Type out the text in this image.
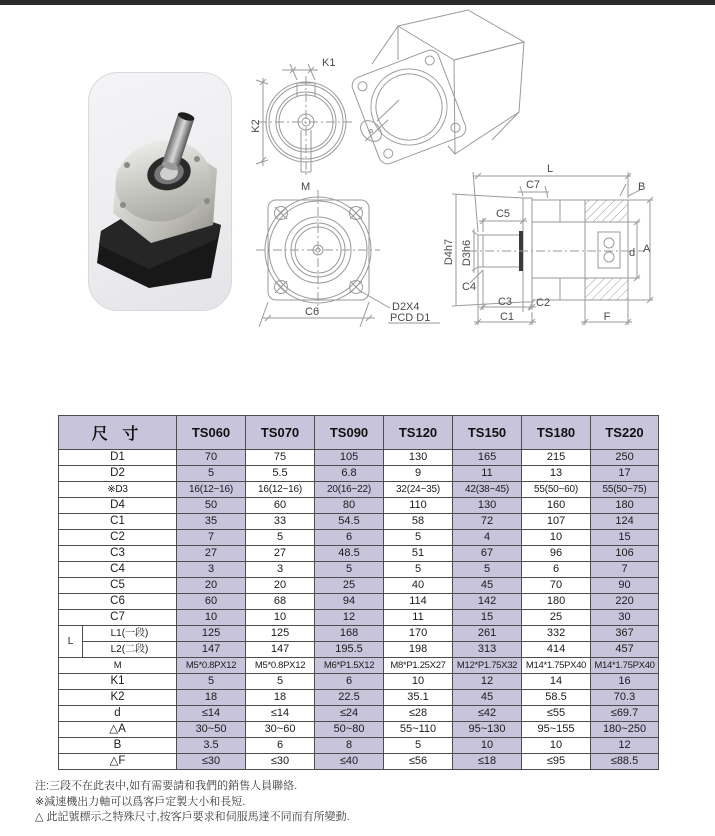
K1
K2
M
C6	D2X4
PCD D1
L
C7	B
C5
D4h7 D3h6
C4
C3 C2
C1	F
d A
尺 寸		TS060	TS070	TS090	TS120	TS150	TS180	TS220
D1		70	75	105	130	165	215	250
D2		5	5.5	6.8	9	11	13	17
※D3		16(12~16)	16(12~16)	20(16~22)	32(24~35)	42(38~45)	55(50~60)	55(50~75)
D4		50	60	80	110	130	160	180
C1		35	33	54.5	58	72	107	124
C2		7	5	6	5	4	10	15
C3		27	27	48.5	51	67	96	106
C4		3	3	5	5	5	6	7
C5		20	20	25	40	45	70	90
C6		60	68	94	114	142	180	220
C7		10	10	12	11	15	25	30
L	L1(一段)	125	125	168	170	261	332	367
	L2(二段)	147	147	195.5	198	313	414	457
M		M5*0.8PX12	M5*0.8PX12	M6*P1.5X12	M8*P1.25X27	M12*P1.75X32	M14*1.75PX40	M14*1.75PX40
K1		5	5	6	10	12	14	16
K2		18	18	22.5	35.1	45	58.5	70.3
d		≤14	≤14	≤24	≤28	≤42	≤55	≤69.7
△A		30~50	30~60	50~80	55~110	95~130	95~155	180~250
B		3.5	6	8	5	10	10	12
△F		≤30	≤30	≤40	≤56	≤18	≤95	≤88.5
注:三段不在此表中,如有需要請和我們的銷售人員聯絡.
※減速機出力軸可以爲客戶定製大小和長短.
△ 此記號標示之特殊尺寸,按客戶要求和伺服馬達不同而有所變動.
